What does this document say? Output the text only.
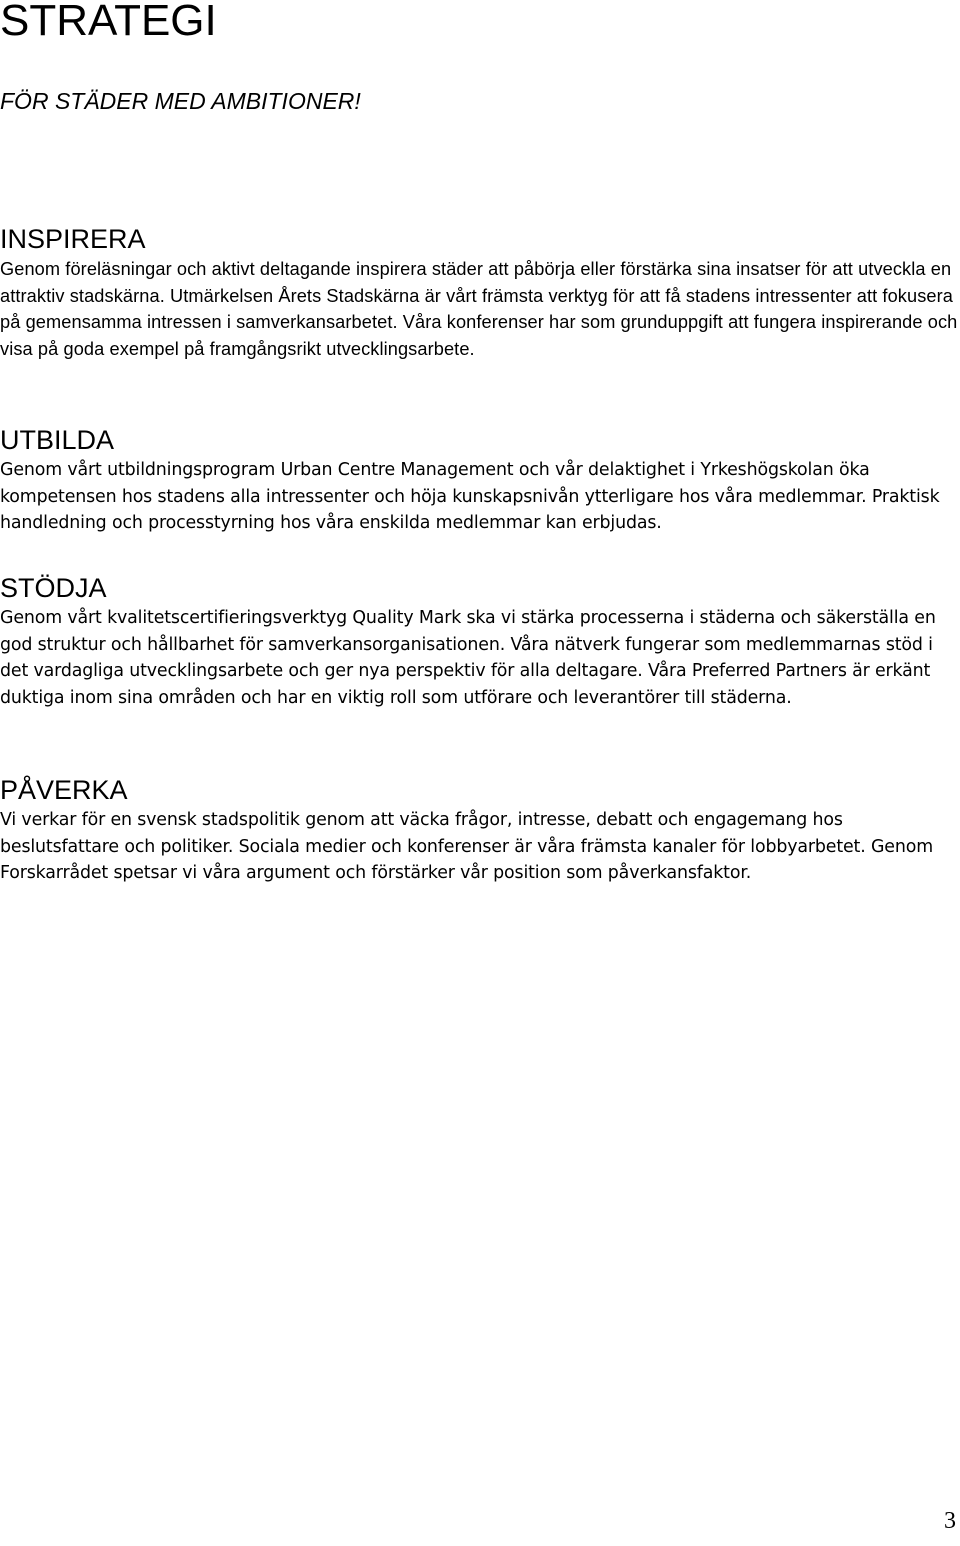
STRATEGI
FÖR STÄDER MED AMBITIONER!
INSPIRERA

Genom föreläsningar och aktivt deltagande inspirera städer att påbörja eller förstärka sina insatser för att utveckla en attraktiv stadskärna. Utmärkelsen Årets Stadskärna är vårt främsta verktyg för att få stadens intressenter att fokusera på gemensamma intressen i samverkansarbetet. Våra konferenser har som grunduppgift att fungera inspirerande och visa på goda exempel på framgångsrikt utvecklingsarbete.

UTBILDA

Genom vårt utbildningsprogram Urban Centre Management och vår delaktighet i Yrkeshögskolan öka kompetensen hos stadens alla intressenter och höja kunskapsnivån ytterligare hos våra medlemmar. Praktisk handledning och processtyrning hos våra enskilda medlemmar kan erbjudas.

STÖDJA

Genom vårt kvalitetscertifieringsverktyg Quality Mark ska vi stärka processerna i städerna och säkerställa en god struktur och hållbarhet för samverkansorganisationen. Våra nätverk fungerar som medlemmarnas stöd i det vardagliga utvecklingsarbete och ger nya perspektiv för alla deltagare. Våra Preferred Partners är erkänt duktiga inom sina områden och har en viktig roll som utförare och leverantörer till städerna.

PÅVERKA

Vi verkar för en svensk stadspolitik genom att väcka frågor, intresse, debatt och engagemang hos beslutsfattare och politiker. Sociala medier och konferenser är våra främsta kanaler för lobbyarbetet. Genom Forskarrådet spetsar vi våra argument och förstärker vår position som påverkansfaktor.

3
